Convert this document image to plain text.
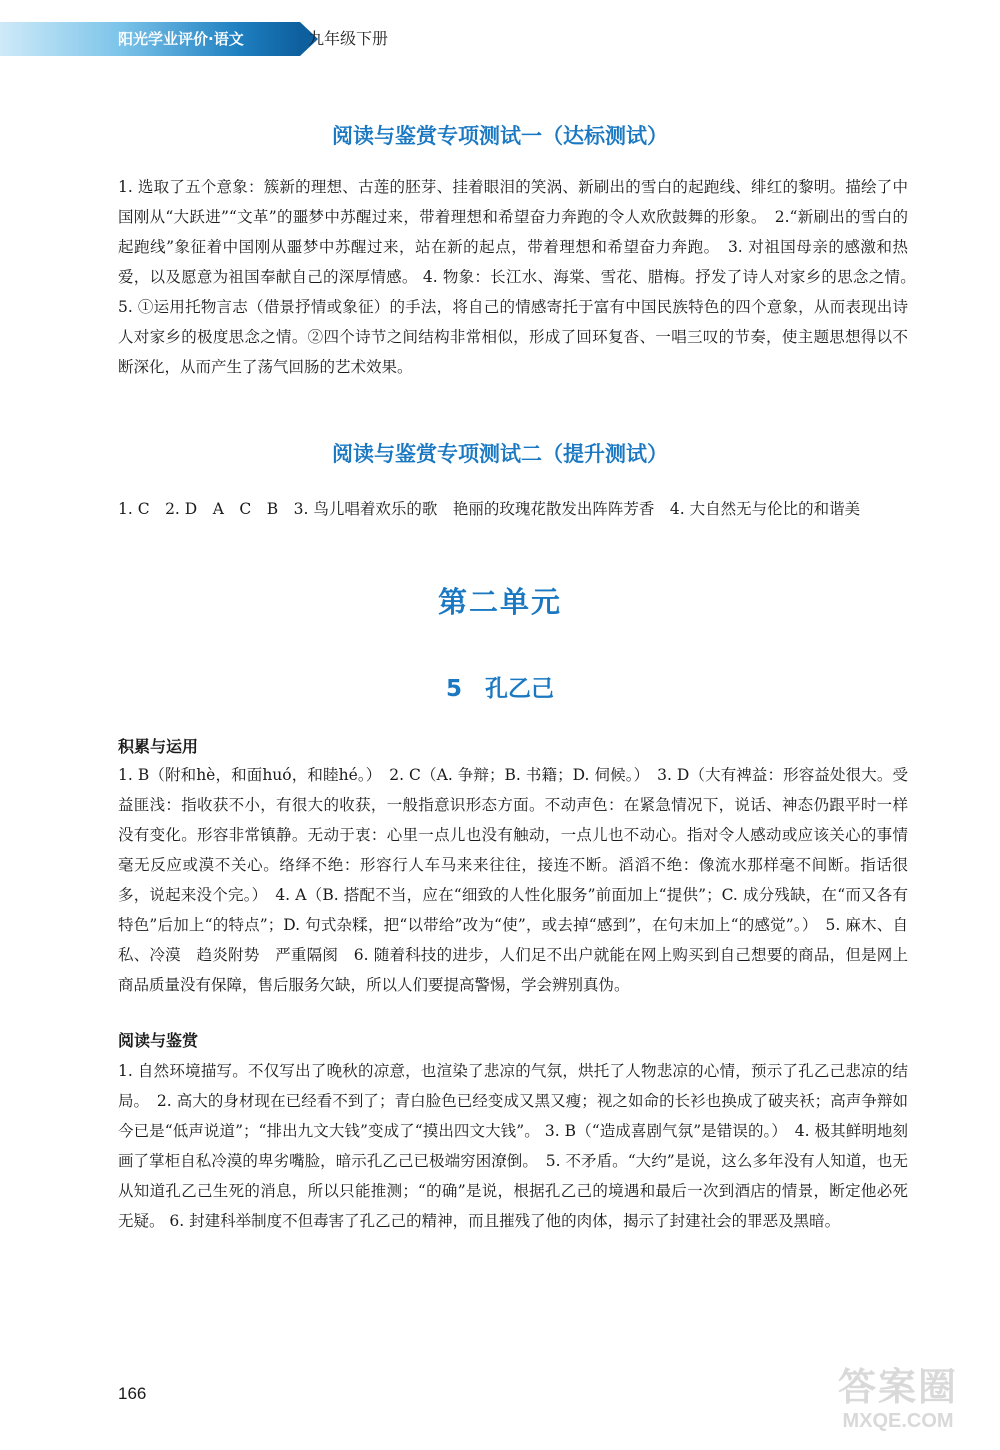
阳光学业评价·语文	九年级下册
阅读与鉴赏专项测试一（达标测试）
1. 选取了五个意象：簇新的理想、古莲的胚芽、挂着眼泪的笑涡、新刷出的雪白的起跑线、绯红的黎明。描绘了中国刚从“大跃进”“文革”的噩梦中苏醒过来，带着理想和希望奋力奔跑的令人欢欣鼓舞的形象。　2.“新刷出的雪白的起跑线”象征着中国刚从噩梦中苏醒过来，站在新的起点，带着理想和希望奋力奔跑。　3. 对祖国母亲的感激和热爱，以及愿意为祖国奉献自己的深厚情感。 4. 物象：长江水、海棠、雪花、腊梅。抒发了诗人对家乡的思念之情。　5. ①运用托物言志（借景抒情或象征）的手法，将自己的情感寄托于富有中国民族特色的四个意象，从而表现出诗人对家乡的极度思念之情。②四个诗节之间结构非常相似，形成了回环复沓、一唱三叹的节奏，使主题思想得以不断深化，从而产生了荡气回肠的艺术效果。
阅读与鉴赏专项测试二（提升测试）
1. C　2. D　A　C　B　3. 鸟儿唱着欢乐的歌　艳丽的玫瑰花散发出阵阵芳香　4. 大自然无与伦比的和谐美
第二单元
5　孔乙己
积累与运用
1. B（附和hè，和面huó，和睦hé。）　2. C（A. 争辩；B. 书籍；D. 伺候。）　3. D（大有裨益：形容益处很大。受益匪浅：指收获不小，有很大的收获，一般指意识形态方面。不动声色：在紧急情况下，说话、神态仍跟平时一样没有变化。形容非常镇静。无动于衷：心里一点儿也没有触动，一点儿也不动心。指对令人感动或应该关心的事情毫无反应或漠不关心。络绎不绝：形容行人车马来来往往，接连不断。滔滔不绝：像流水那样毫不间断。指话很多，说起来没个完。）　4. A（B. 搭配不当，应在“细致的人性化服务”前面加上“提供”；C. 成分残缺，在“而又各有特色”后加上“的特点”；D. 句式杂糅，把“以带给”改为“使”，或去掉“感到”，在句末加上“的感觉”。）　5. 麻木、自私、冷漠　趋炎附势　严重隔阂　6. 随着科技的进步，人们足不出户就能在网上购买到自己想要的商品，但是网上商品质量没有保障，售后服务欠缺，所以人们要提高警惕，学会辨别真伪。
阅读与鉴赏
1. 自然环境描写。不仅写出了晚秋的凉意，也渲染了悲凉的气氛，烘托了人物悲凉的心情，预示了孔乙己悲凉的结局。　2. 高大的身材现在已经看不到了；青白脸色已经变成又黑又瘦；视之如命的长衫也换成了破夹袄；高声争辩如今已是“低声说道”；“排出九文大钱”变成了“摸出四文大钱”。 3. B（“造成喜剧气氛”是错误的。）　4. 极其鲜明地刻画了掌柜自私冷漠的卑劣嘴脸，暗示孔乙己已极端穷困潦倒。　5. 不矛盾。“大约”是说，这么多年没有人知道，也无从知道孔乙己生死的消息，所以只能推测；“的确”是说，根据孔乙己的境遇和最后一次到酒店的情景，断定他必死无疑。 6. 封建科举制度不但毒害了孔乙己的精神，而且摧残了他的肉体，揭示了封建社会的罪恶及黑暗。
166	答案圈
MXQE.COM
